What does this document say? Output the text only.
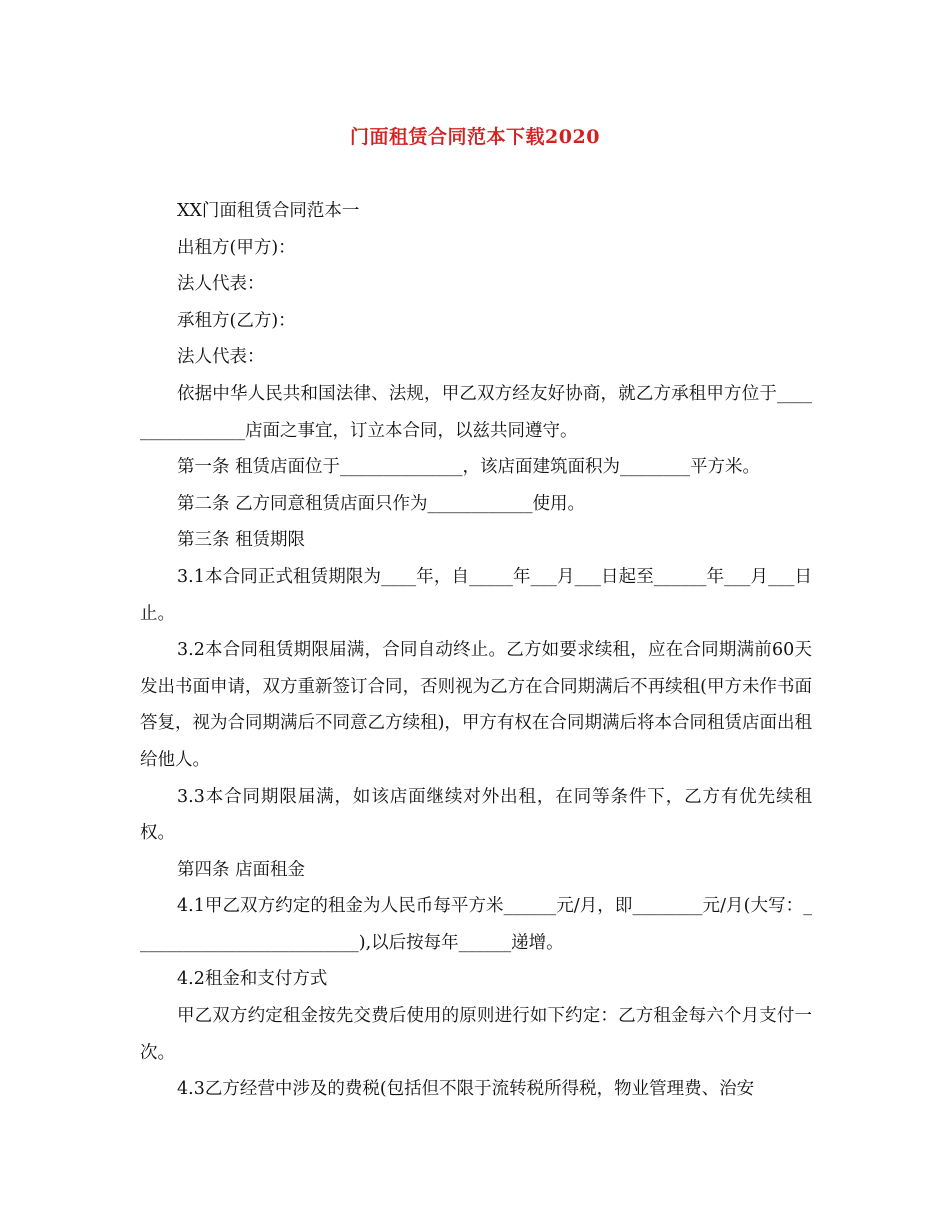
门面租赁合同范本下载2020

XX门面租赁合同范本一

出租方(甲方)：

法人代表：

承租方(乙方)：

法人代表：

依据中华人民共和国法律、法规，甲乙双方经友好协商，就乙方承租甲方位于________________店面之事宜，订立本合同，以兹共同遵守。

第一条 租赁店面位于______________，该店面建筑面积为________平方米。

第二条 乙方同意租赁店面只作为____________使用。

第三条 租赁期限

3.1本合同正式租赁期限为____年，自_____年___月___日起至______年___月___日止。

3.2本合同租赁期限届满，合同自动终止。乙方如要求续租，应在合同期满前60天发出书面申请，双方重新签订合同，否则视为乙方在合同期满后不再续租(甲方未作书面答复，视为合同期满后不同意乙方续租)，甲方有权在合同期满后将本合同租赁店面出租给他人。

3.3本合同期限届满，如该店面继续对外出租，在同等条件下，乙方有优先续租权。

第四条 店面租金

4.1甲乙双方约定的租金为人民币每平方米______元/月，即________元/月(大写：__________________________),以后按每年______递增。

4.2租金和支付方式

甲乙双方约定租金按先交费后使用的原则进行如下约定：乙方租金每六个月支付一次。

4.3乙方经营中涉及的费税(包括但不限于流转税所得税，物业管理费、治安
